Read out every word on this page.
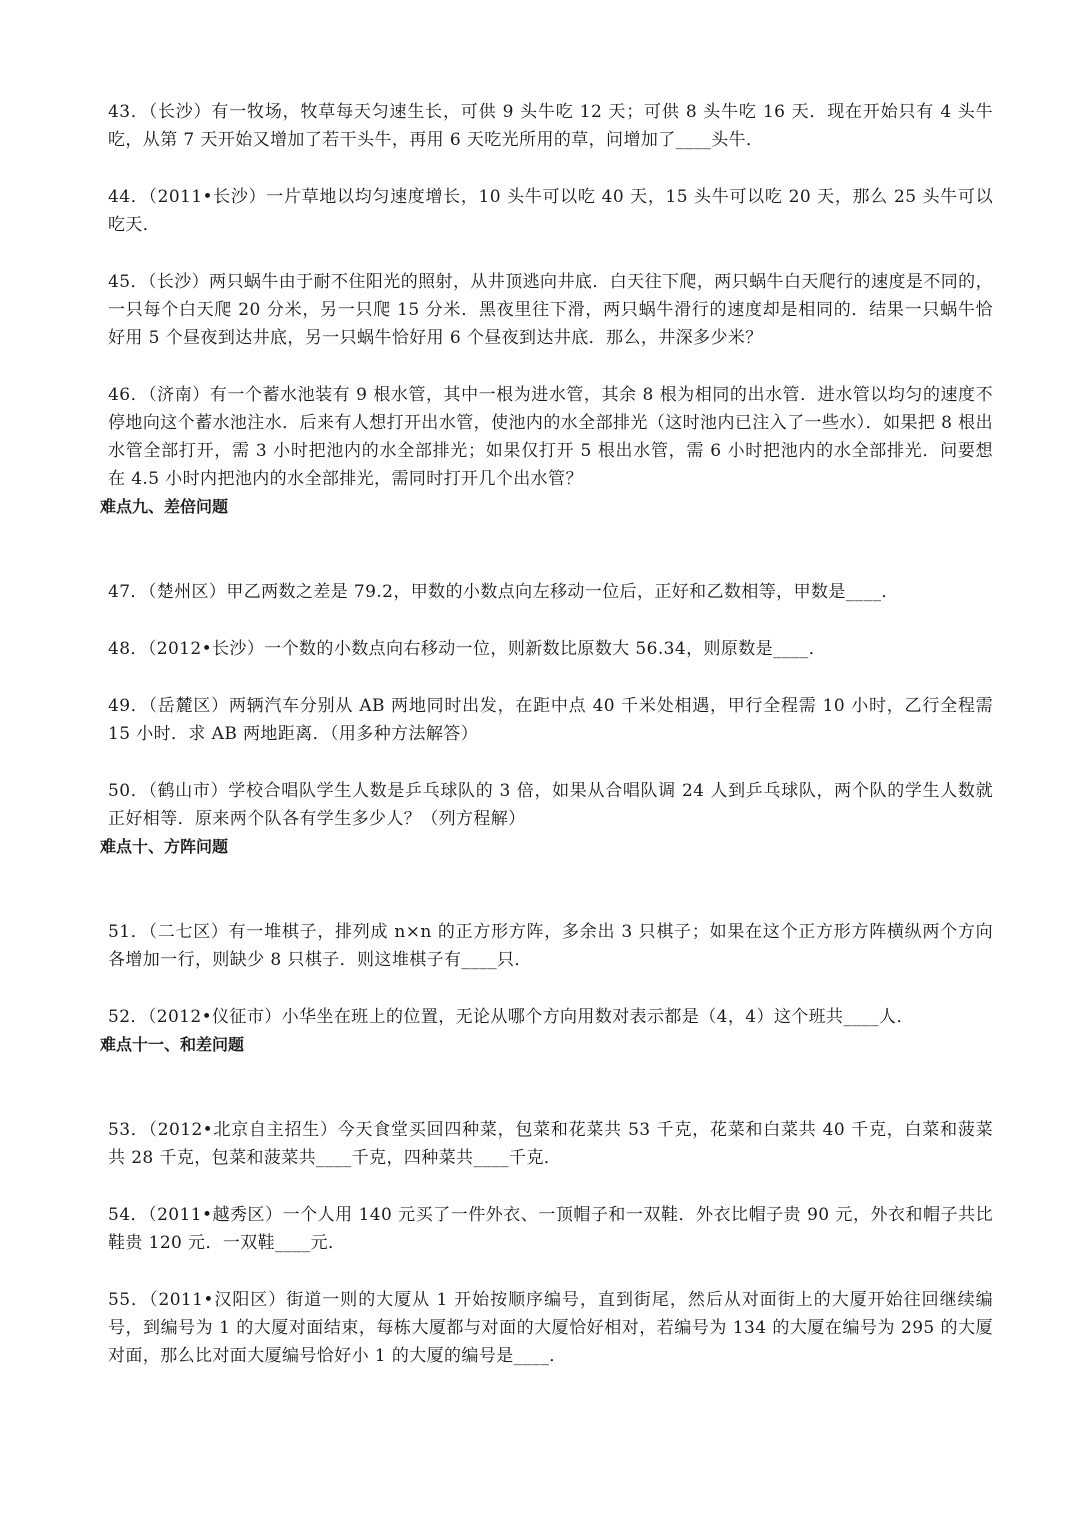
43．（长沙）有一牧场，牧草每天匀速生长，可供 9 头牛吃 12 天；可供 8 头牛吃 16 天．现在开始只有 4 头牛吃，从第 7 天开始又增加了若干头牛，再用 6 天吃光所用的草，问增加了____头牛．

44．（2011•长沙）一片草地以均匀速度增长，10 头牛可以吃 40 天，15 头牛可以吃 20 天，那么 25 头牛可以吃天．

45．（长沙）两只蜗牛由于耐不住阳光的照射，从井顶逃向井底．白天往下爬，两只蜗牛白天爬行的速度是不同的，一只每个白天爬 20 分米，另一只爬 15 分米．黑夜里往下滑，两只蜗牛滑行的速度却是相同的．结果一只蜗牛恰好用 5 个昼夜到达井底，另一只蜗牛恰好用 6 个昼夜到达井底．那么，井深多少米？

46．（济南）有一个蓄水池装有 9 根水管，其中一根为进水管，其余 8 根为相同的出水管．进水管以均匀的速度不停地向这个蓄水池注水．后来有人想打开出水管，使池内的水全部排光（这时池内已注入了一些水）．如果把 8 根出水管全部打开，需 3 小时把池内的水全部排光；如果仅打开 5 根出水管，需 6 小时把池内的水全部排光．问要想在 4.5 小时内把池内的水全部排光，需同时打开几个出水管？

难点九、差倍问题

47．（楚州区）甲乙两数之差是 79.2，甲数的小数点向左移动一位后，正好和乙数相等，甲数是____．

48．（2012•长沙）一个数的小数点向右移动一位，则新数比原数大 56.34，则原数是____．

49．（岳麓区）两辆汽车分别从 AB 两地同时出发，在距中点 40 千米处相遇，甲行全程需 10 小时，乙行全程需 15 小时．求 AB 两地距离．（用多种方法解答）

50．（鹤山市）学校合唱队学生人数是乒乓球队的 3 倍，如果从合唱队调 24 人到乒乓球队，两个队的学生人数就正好相等．原来两个队各有学生多少人？（列方程解）

难点十、方阵问题

51．（二七区）有一堆棋子，排列成 n×n 的正方形方阵，多余出 3 只棋子；如果在这个正方形方阵横纵两个方向各增加一行，则缺少 8 只棋子．则这堆棋子有____只．

52．（2012•仪征市）小华坐在班上的位置，无论从哪个方向用数对表示都是（4，4）这个班共____人．

难点十一、和差问题

53．（2012•北京自主招生）今天食堂买回四种菜，包菜和花菜共 53 千克，花菜和白菜共 40 千克，白菜和菠菜共 28 千克，包菜和菠菜共____千克，四种菜共____千克．

54．（2011•越秀区）一个人用 140 元买了一件外衣、一顶帽子和一双鞋．外衣比帽子贵 90 元，外衣和帽子共比鞋贵 120 元．一双鞋____元．

55．（2011•汉阳区）街道一则的大厦从 1 开始按顺序编号，直到街尾，然后从对面街上的大厦开始往回继续编号，到编号为 1 的大厦对面结束，每栋大厦都与对面的大厦恰好相对，若编号为 134 的大厦在编号为 295 的大厦对面，那么比对面大厦编号恰好小 1 的大厦的编号是____．
